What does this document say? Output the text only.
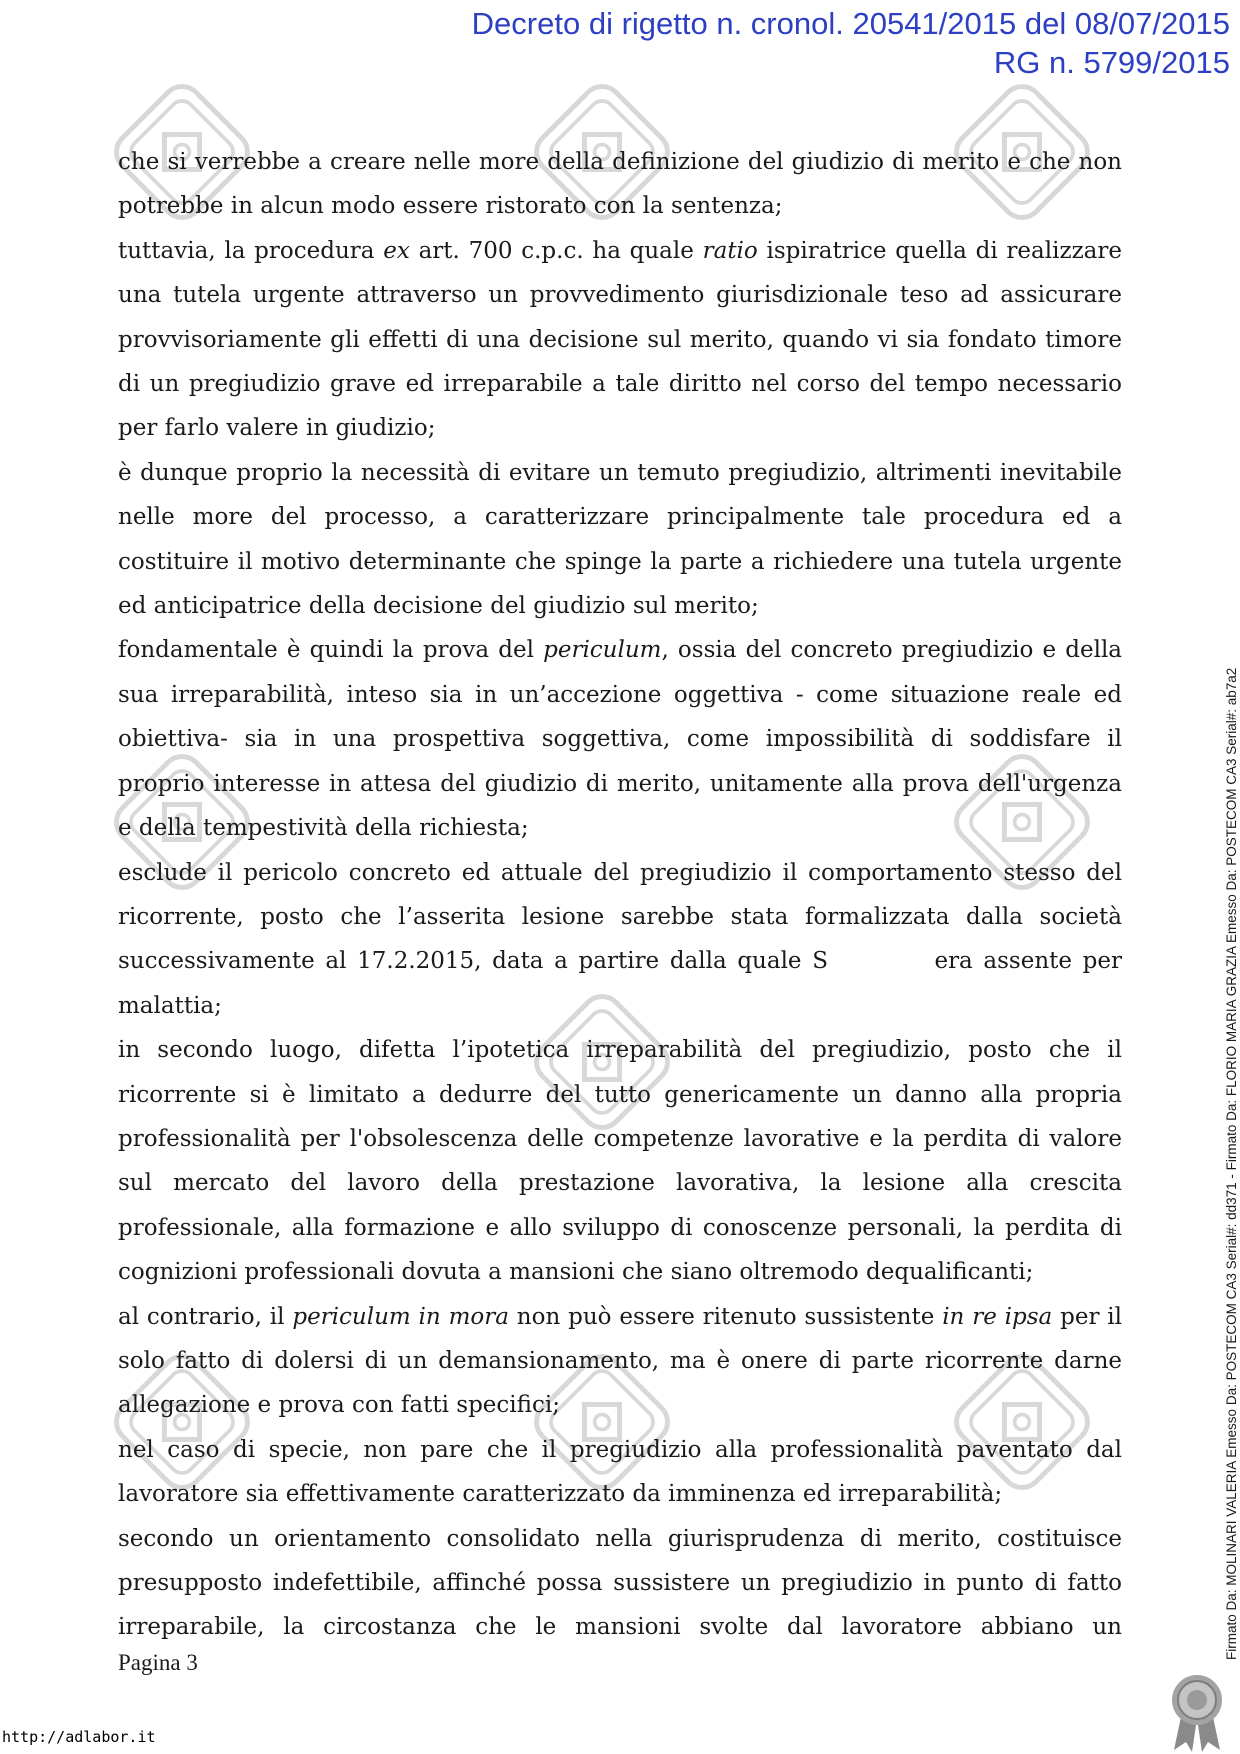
Decreto di rigetto n. cronol. 20541/2015 del 08/07/2015
RG n. 5799/2015

che si verrebbe a creare nelle more della definizione del giudizio di merito e che non potrebbe in alcun modo essere ristorato con la sentenza;

tuttavia, la procedura ex art. 700 c.p.c. ha quale ratio ispiratrice quella di realizzare una tutela urgente attraverso un provvedimento giurisdizionale teso ad assicurare provvisoriamente gli effetti di una decisione sul merito, quando vi sia fondato timore di un pregiudizio grave ed irreparabile a tale diritto nel corso del tempo necessario per farlo valere in giudizio;

è dunque proprio la necessità di evitare un temuto pregiudizio, altrimenti inevitabile nelle more del processo, a caratterizzare principalmente tale procedura ed a costituire il motivo determinante che spinge la parte a richiedere una tutela urgente ed anticipatrice della decisione del giudizio sul merito;

fondamentale è quindi la prova del periculum, ossia del concreto pregiudizio e della sua irreparabilità, inteso sia in un’accezione oggettiva - come situazione reale ed obiettiva- sia in una prospettiva soggettiva, come impossibilità di soddisfare il proprio interesse in attesa del giudizio di merito, unitamente alla prova dell'urgenza e della tempestività della richiesta;

esclude il pericolo concreto ed attuale del pregiudizio il comportamento stesso del ricorrente, posto che l’asserita lesione sarebbe stata formalizzata dalla società successivamente al 17.2.2015, data a partire dalla quale S          era assente per malattia;

in secondo luogo, difetta l’ipotetica irreparabilità del pregiudizio, posto che il ricorrente si è limitato a dedurre del tutto genericamente un danno alla propria professionalità per l'obsolescenza delle competenze lavorative e la perdita di valore sul mercato del lavoro della prestazione lavorativa, la lesione alla crescita professionale, alla formazione e allo sviluppo di conoscenze personali, la perdita di cognizioni professionali dovuta a mansioni che siano oltremodo dequalificanti;

al contrario, il periculum in mora non può essere ritenuto sussistente in re ipsa per il solo fatto di dolersi di un demansionamento, ma è onere di parte ricorrente darne allegazione e prova con fatti specifici;

nel caso di specie, non pare che il pregiudizio alla professionalità paventato dal lavoratore sia effettivamente caratterizzato da imminenza ed irreparabilità;

secondo un orientamento consolidato nella giurisprudenza di merito, costituisce presupposto indefettibile, affinché possa sussistere un pregiudizio in punto di fatto irreparabile, la circostanza che le mansioni svolte dal lavoratore abbiano un

Pagina 3
Firmato Da: MOLINARI VALERIA Emesso Da: POSTECOM CA3 Serial#: dd371 - Firmato Da: FLORIO MARIA GRAZIA Emesso Da: POSTECOM CA3 Serial#: ab7a2
http://adlabor.it
